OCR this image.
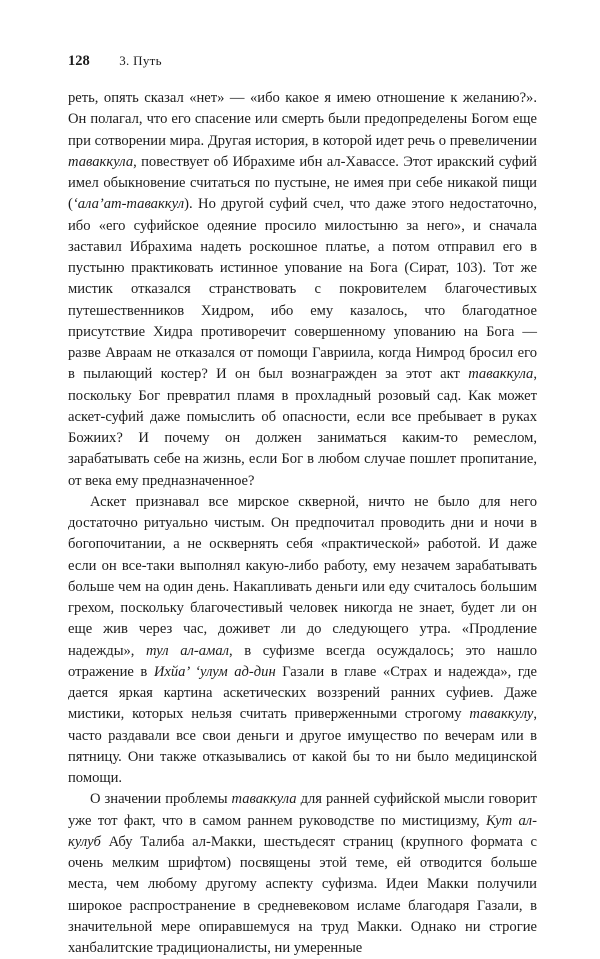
128 3. Путь

реть, опять сказал «нет» — «ибо какое я имею отношение к желанию?». Он полагал, что его спасение или смерть были предопределены Богом еще при сотворении мира. Другая история, в которой идет речь о превеличении таваккула, повествует об Ибрахиме ибн ал-Хавассе. Этот иракский суфий имел обыкновение считаться по пустыне, не имея при себе никакой пищи (‘ала’ат-таваккул). Но другой суфий счел, что даже этого недостаточно, ибо «его суфийское одеяние просило милостыню за него», и сначала заставил Ибрахима надеть роскошное платье, а потом отправил его в пустыню практиковать истинное упование на Бога (Сират, 103). Тот же мистик отказался странствовать с покровителем благочестивых путешественников Хидром, ибо ему казалось, что благодатное присутствие Хидра противоречит совершенному упованию на Бога — разве Авраам не отказался от помощи Гавриила, когда Нимрод бросил его в пылающий костер? И он был вознагражден за этот акт таваккула, поскольку Бог превратил пламя в прохладный розовый сад. Как может аскет-суфий даже помыслить об опасности, если все пребывает в руках Божиих? И почему он должен заниматься каким-то ремеслом, зарабатывать себе на жизнь, если Бог в любом случае пошлет пропитание, от века ему предназначенное?

Аскет признавал все мирское скверной, ничто не было для него достаточно ритуально чистым. Он предпочитал проводить дни и ночи в богопочитании, а не осквернять себя «практической» работой. И даже если он все-таки выполнял какую-либо работу, ему незачем зарабатывать больше чем на один день. Накапливать деньги или еду считалось большим грехом, поскольку благочестивый человек никогда не знает, будет ли он еще жив через час, доживет ли до следующего утра. «Продление надежды», тул ал-амал, в суфизме всегда осуждалось; это нашло отражение в Ихйа’ ‘улум ад-дин Газали в главе «Страх и надежда», где дается яркая картина аскетических воззрений ранних суфиев. Даже мистики, которых нельзя считать приверженными строгому таваккулу, часто раздавали все свои деньги и другое имущество по вечерам или в пятницу. Они также отказывались от какой бы то ни было медицинской помощи.

О значении проблемы таваккула для ранней суфийской мысли говорит уже тот факт, что в самом раннем руководстве по мистицизму, Кут ал-кулуб Абу Талиба ал-Макки, шестьдесят страниц (крупного формата с очень мелким шрифтом) посвящены этой теме, ей отводится больше места, чем любому другому аспекту суфизма. Идеи Макки получили широкое распространение в средневековом исламе благодаря Газали, в значительной мере опиравшемуся на труд Макки. Однако ни строгие ханбалитские традиционалисты, ни умеренные
